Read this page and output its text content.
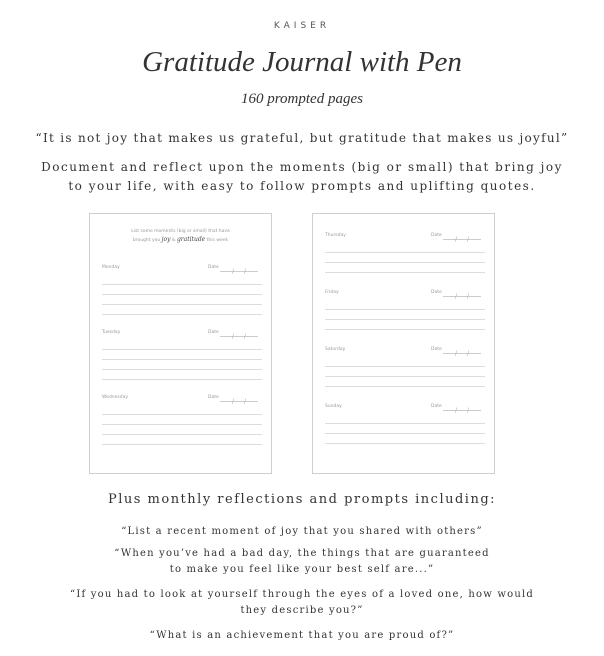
KAISER
Gratitude Journal with Pen
160 prompted pages
“It is not joy that makes us grateful, but gratitude that makes us joyful”
Document and reflect upon the moments (big or small) that bring joy
to your life, with easy to follow prompts and uplifting quotes.
List some moments (big or small) that have
brought you joy & gratitude this week
Monday	Date
/ /
Tuesday	Date
/ /
Wednesday	Date
/ /
Thursday	Date
/ /
Friday	Date
/ /
Saturday	Date
/ /
Sunday	Date
/ /
Plus monthly reflections and prompts including:
“List a recent moment of joy that you shared with others”
“When you’ve had a bad day, the things that are guaranteed
to make you feel like your best self are...”
“If you had to look at yourself through the eyes of a loved one, how would
they describe you?”
“What is an achievement that you are proud of?”
